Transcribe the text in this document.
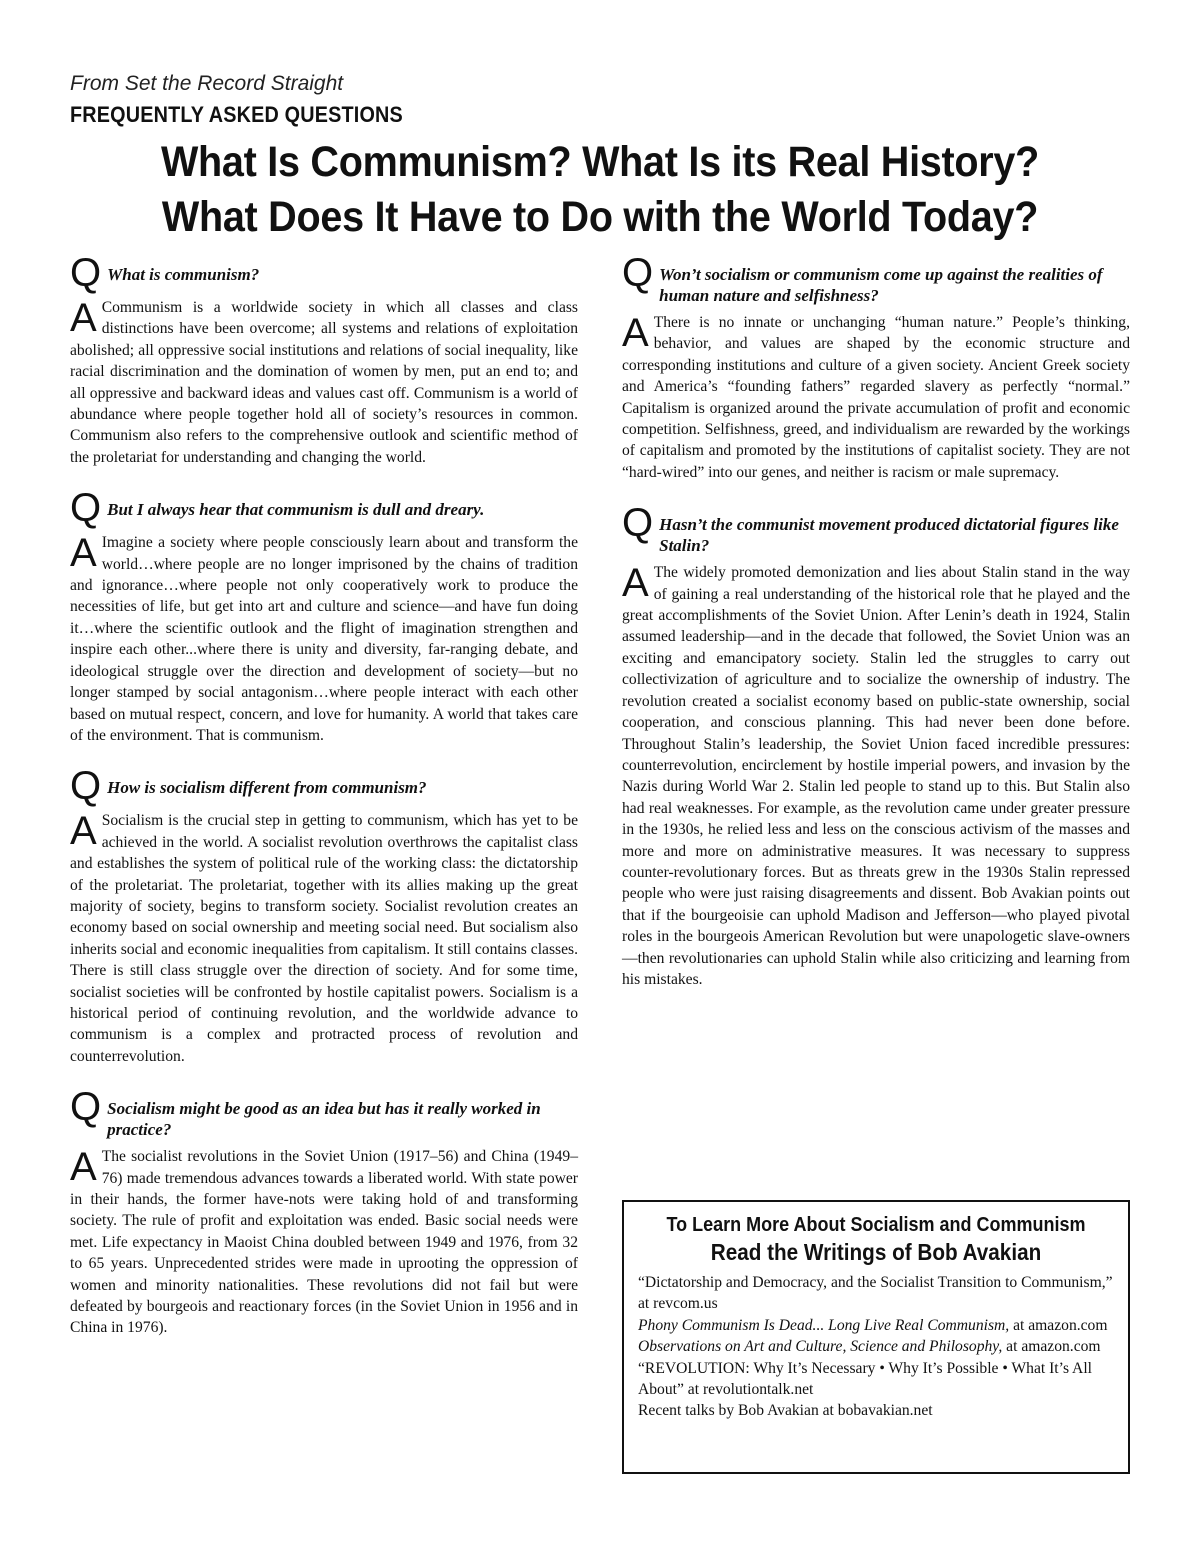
From Set the Record Straight
FREQUENTLY ASKED QUESTIONS
What Is Communism? What Is its Real History?
What Does It Have to Do with the World Today?
Q What is communism?
A Communism is a worldwide society in which all classes and class distinctions have been overcome; all systems and relations of exploitation abolished; all oppressive social institutions and relations of social inequality, like racial discrimination and the domination of women by men, put an end to; and all oppressive and backward ideas and values cast off. Communism is a world of abundance where people together hold all of society’s resources in common. Communism also refers to the comprehensive outlook and scientific method of the proletariat for understanding and changing the world.
Q But I always hear that communism is dull and dreary.
A Imagine a society where people consciously learn about and transform the world…where people are no longer imprisoned by the chains of tradition and ignorance…where people not only cooperatively work to produce the necessities of life, but get into art and culture and science—and have fun doing it…where the scientific outlook and the flight of imagination strengthen and inspire each other...where there is unity and diversity, far-ranging debate, and ideological struggle over the direction and development of society—but no longer stamped by social antagonism…where people interact with each other based on mutual respect, concern, and love for humanity. A world that takes care of the environment. That is communism.
Q How is socialism different from communism?
A Socialism is the crucial step in getting to communism, which has yet to be achieved in the world. A socialist revolution overthrows the capitalist class and establishes the system of political rule of the working class: the dictatorship of the proletariat. The proletariat, together with its allies making up the great majority of society, begins to transform society. Socialist revolution creates an economy based on social ownership and meeting social need. But socialism also inherits social and economic inequalities from capitalism. It still contains classes. There is still class struggle over the direction of society. And for some time, socialist societies will be confronted by hostile capitalist powers. Socialism is a historical period of continuing revolution, and the worldwide advance to communism is a complex and protracted process of revolution and counterrevolution.
Q Socialism might be good as an idea but has it really worked in practice?
A The socialist revolutions in the Soviet Union (1917–56) and China (1949–76) made tremendous advances towards a liberated world. With state power in their hands, the former have-nots were taking hold of and transforming society. The rule of profit and exploitation was ended. Basic social needs were met. Life expectancy in Maoist China doubled between 1949 and 1976, from 32 to 65 years. Unprecedented strides were made in uprooting the oppression of women and minority nationalities. These revolutions did not fail but were defeated by bourgeois and reactionary forces (in the Soviet Union in 1956 and in China in 1976).
Q Won’t socialism or communism come up against the realities of human nature and selfishness?
A There is no innate or unchanging “human nature.” People’s thinking, behavior, and values are shaped by the economic structure and corresponding institutions and culture of a given society. Ancient Greek society and America’s “founding fathers” regarded slavery as perfectly “normal.” Capitalism is organized around the private accumulation of profit and economic competition. Selfishness, greed, and individualism are rewarded by the workings of capitalism and promoted by the institutions of capitalist society. They are not “hard-wired” into our genes, and neither is racism or male supremacy.
Q Hasn’t the communist movement produced dictatorial figures like Stalin?
A The widely promoted demonization and lies about Stalin stand in the way of gaining a real understanding of the historical role that he played and the great accomplishments of the Soviet Union. After Lenin’s death in 1924, Stalin assumed leadership—and in the decade that followed, the Soviet Union was an exciting and emancipatory society. Stalin led the struggles to carry out collectivization of agriculture and to socialize the ownership of industry. The revolution created a socialist economy based on public-state ownership, social cooperation, and conscious planning. This had never been done before. Throughout Stalin’s leadership, the Soviet Union faced incredible pressures: counterrevolution, encirclement by hostile imperial powers, and invasion by the Nazis during World War 2. Stalin led people to stand up to this. But Stalin also had real weaknesses. For example, as the revolution came under greater pressure in the 1930s, he relied less and less on the conscious activism of the masses and more and more on administrative measures. It was necessary to suppress counter-revolutionary forces. But as threats grew in the 1930s Stalin repressed people who were just raising disagreements and dissent. Bob Avakian points out that if the bourgeoisie can uphold Madison and Jefferson—who played pivotal roles in the bourgeois American Revolution but were unapologetic slave-owners—then revolutionaries can uphold Stalin while also criticizing and learning from his mistakes.
To Learn More About Socialism and Communism
Read the Writings of Bob Avakian
“Dictatorship and Democracy, and the Socialist Transition to Communism,” at revcom.us
Phony Communism Is Dead... Long Live Real Communism, at amazon.com
Observations on Art and Culture, Science and Philosophy, at amazon.com
“REVOLUTION: Why It’s Necessary • Why It’s Possible • What It’s All About” at revolutiontalk.net
Recent talks by Bob Avakian at bobavakian.net
